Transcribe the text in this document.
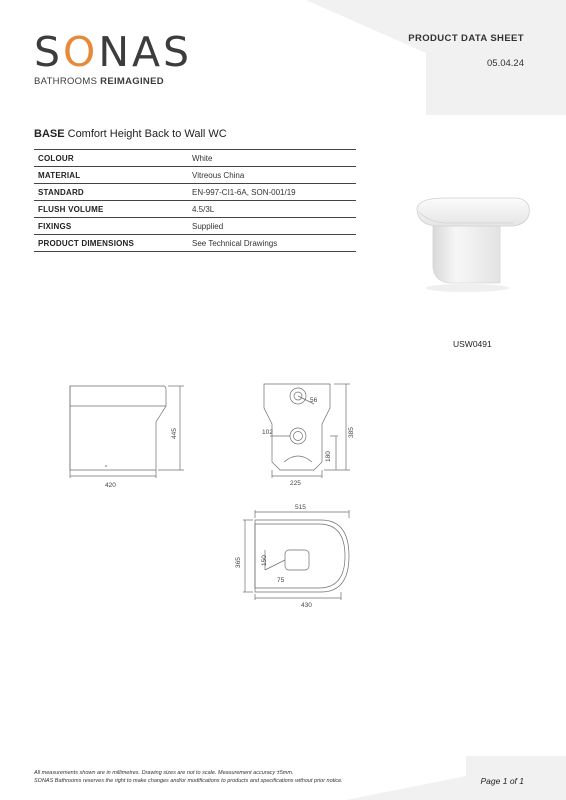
SONAS
BATHROOMS REIMAGINED
PRODUCT DATA SHEET
05.04.24
BASE Comfort Height Back to Wall WC
COLOUR	White
MATERIAL	Vitreous China
STANDARD	EN-997-CI1-6A, SON-001/19
FLUSH VOLUME	4.5/3L
FIXINGS	Supplied
PRODUCT DIMENSIONS	See Technical Drawings
USW0491
420
445
56
102
225
385
180
515
365	150
75
430
All measurements shown are in millimetres. Drawing sizes are not to scale. Measurement accuracy ±5mm.
SONAS Bathrooms reserves the right to make changes and/or modifications to products and specifications without prior notice.	Page 1 of 1
